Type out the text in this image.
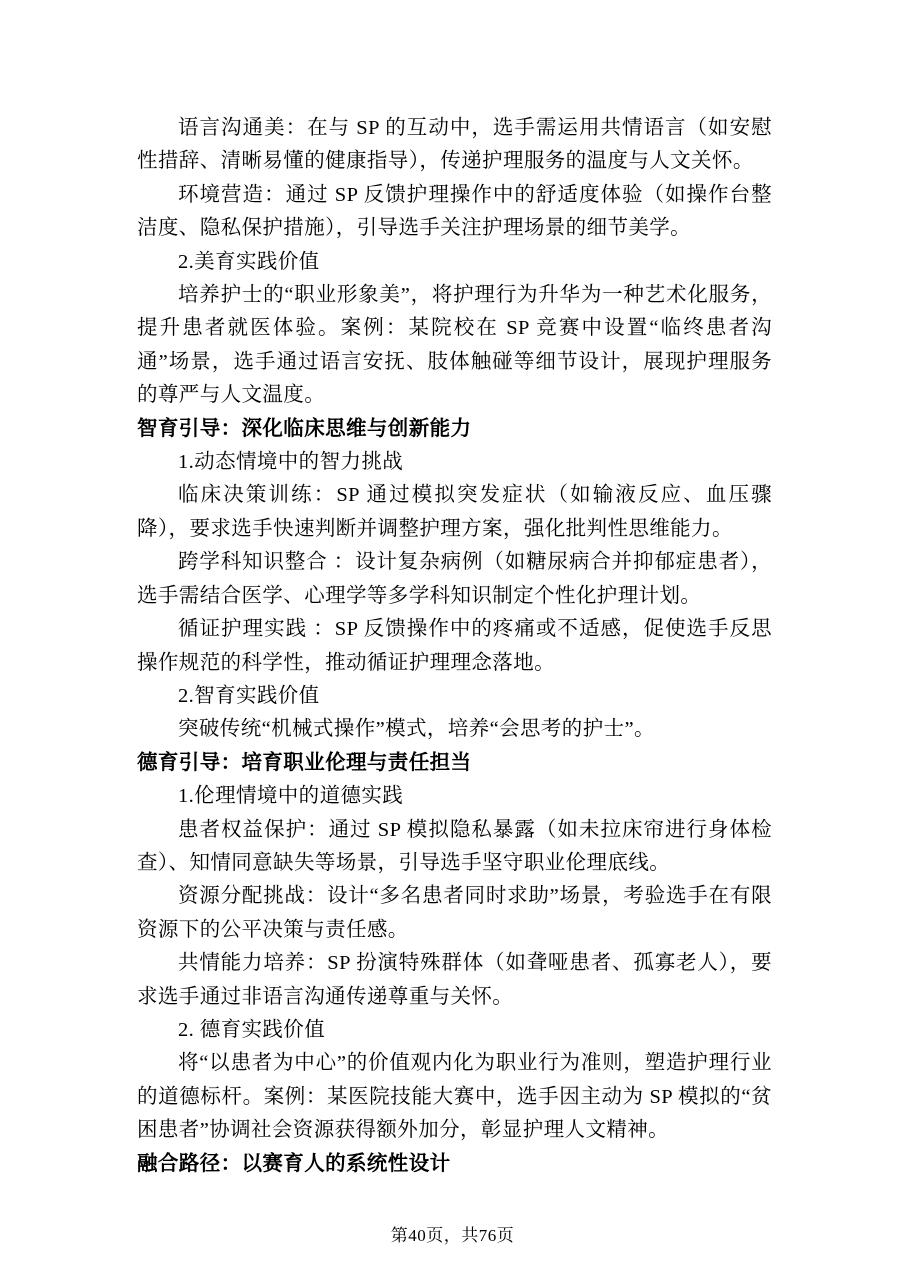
语言沟通美：在与 SP 的互动中，选手需运用共情语言（如安慰性措辞、清晰易懂的健康指导），传递护理服务的温度与人文关怀。

环境营造：通过 SP 反馈护理操作中的舒适度体验（如操作台整洁度、隐私保护措施），引导选手关注护理场景的细节美学。

2.美育实践价值

培养护士的“职业形象美”，将护理行为升华为一种艺术化服务，提升患者就医体验。案例：某院校在 SP 竞赛中设置“临终患者沟通”场景，选手通过语言安抚、肢体触碰等细节设计，展现护理服务的尊严与人文温度。

智育引导：深化临床思维与创新能力

1.动态情境中的智力挑战

临床决策训练：SP 通过模拟突发症状（如输液反应、血压骤降），要求选手快速判断并调整护理方案，强化批判性思维能力。

跨学科知识整合 ：设计复杂病例（如糖尿病合并抑郁症患者），选手需结合医学、心理学等多学科知识制定个性化护理计划。

循证护理实践 ：SP 反馈操作中的疼痛或不适感，促使选手反思操作规范的科学性，推动循证护理理念落地。

2.智育实践价值

突破传统“机械式操作”模式，培养“会思考的护士”。

德育引导：培育职业伦理与责任担当

1.伦理情境中的道德实践

患者权益保护：通过 SP 模拟隐私暴露（如未拉床帘进行身体检查）、知情同意缺失等场景，引导选手坚守职业伦理底线。

资源分配挑战：设计“多名患者同时求助”场景，考验选手在有限资源下的公平决策与责任感。

共情能力培养：SP 扮演特殊群体（如聋哑患者、孤寡老人），要求选手通过非语言沟通传递尊重与关怀。

2. 德育实践价值

将“以患者为中心”的价值观内化为职业行为准则，塑造护理行业的道德标杆。案例：某医院技能大赛中，选手因主动为 SP 模拟的“贫困患者”协调社会资源获得额外加分，彰显护理人文精神。

融合路径：以赛育人的系统性设计

第40页，共76页
